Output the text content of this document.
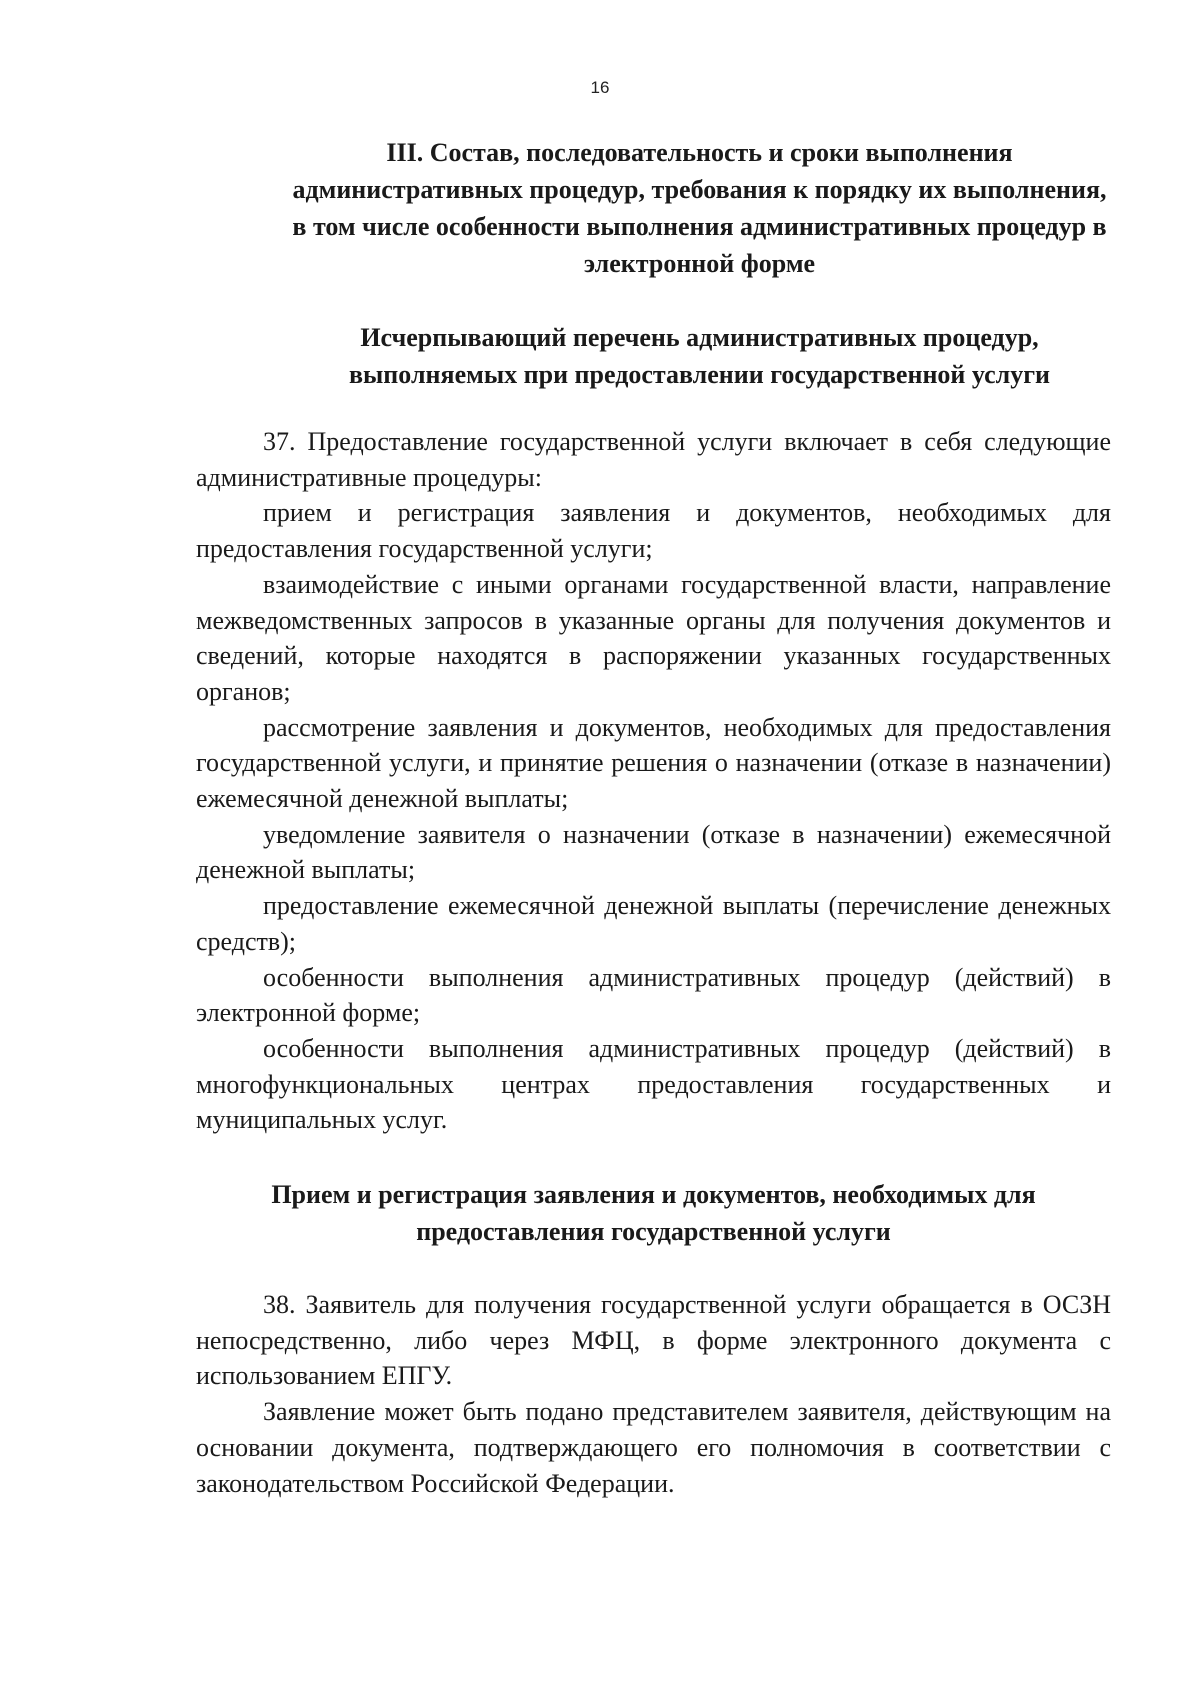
16
III. Состав, последовательность и сроки выполнения административных процедур, требования к порядку их выполнения, в том числе особенности выполнения административных процедур в электронной форме
Исчерпывающий перечень административных процедур, выполняемых при предоставлении государственной услуги

37. Предоставление государственной услуги включает в себя следующие административные процедуры:

прием и регистрация заявления и документов, необходимых для предоставления государственной услуги;

взаимодействие с иными органами государственной власти, направление межведомственных запросов в указанные органы для получения документов и сведений, которые находятся в распоряжении указанных государственных органов;

рассмотрение заявления и документов, необходимых для предоставления государственной услуги, и принятие решения о назначении (отказе в назначении) ежемесячной денежной выплаты;

уведомление заявителя о назначении (отказе в назначении) ежемесячной денежной выплаты;

предоставление ежемесячной денежной выплаты (перечисление денежных средств);

особенности выполнения административных процедур (действий) в электронной форме;

особенности выполнения административных процедур (действий) в многофункциональных центрах предоставления государственных и муниципальных услуг.

Прием и регистрация заявления и документов, необходимых для предоставления государственной услуги

38. Заявитель для получения государственной услуги обращается в ОСЗН непосредственно, либо через МФЦ, в форме электронного документа с использованием ЕПГУ.

Заявление может быть подано представителем заявителя, действующим на основании документа, подтверждающего его полномочия в соответствии с законодательством Российской Федерации.
